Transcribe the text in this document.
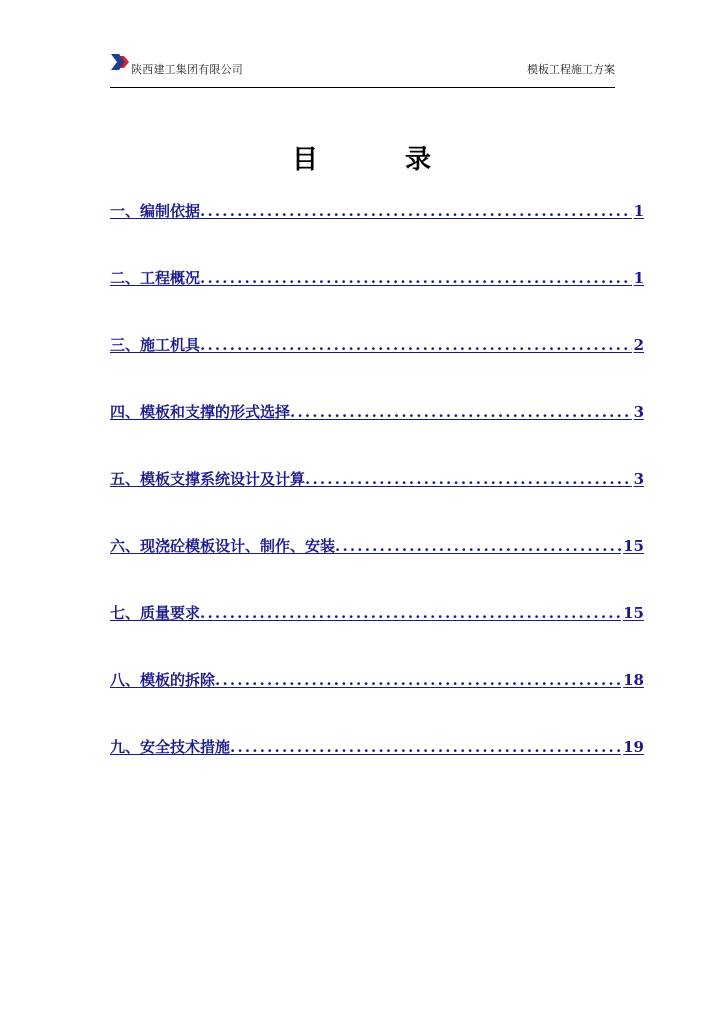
陕西建工集团有限公司	模板工程施工方案
目	录
一、编制依据 .....	1
二、工程概况 .....	1
三、施工机具 .....	2
四、模板和支撑的形式选择 .....	3
五、模板支撑系统设计及计算 .....	3
六、现浇砼模板设计、制作、安装 .....	15
七、质量要求 .....	15
八、模板的拆除 .....	18
九、安全技术措施 .....	19
